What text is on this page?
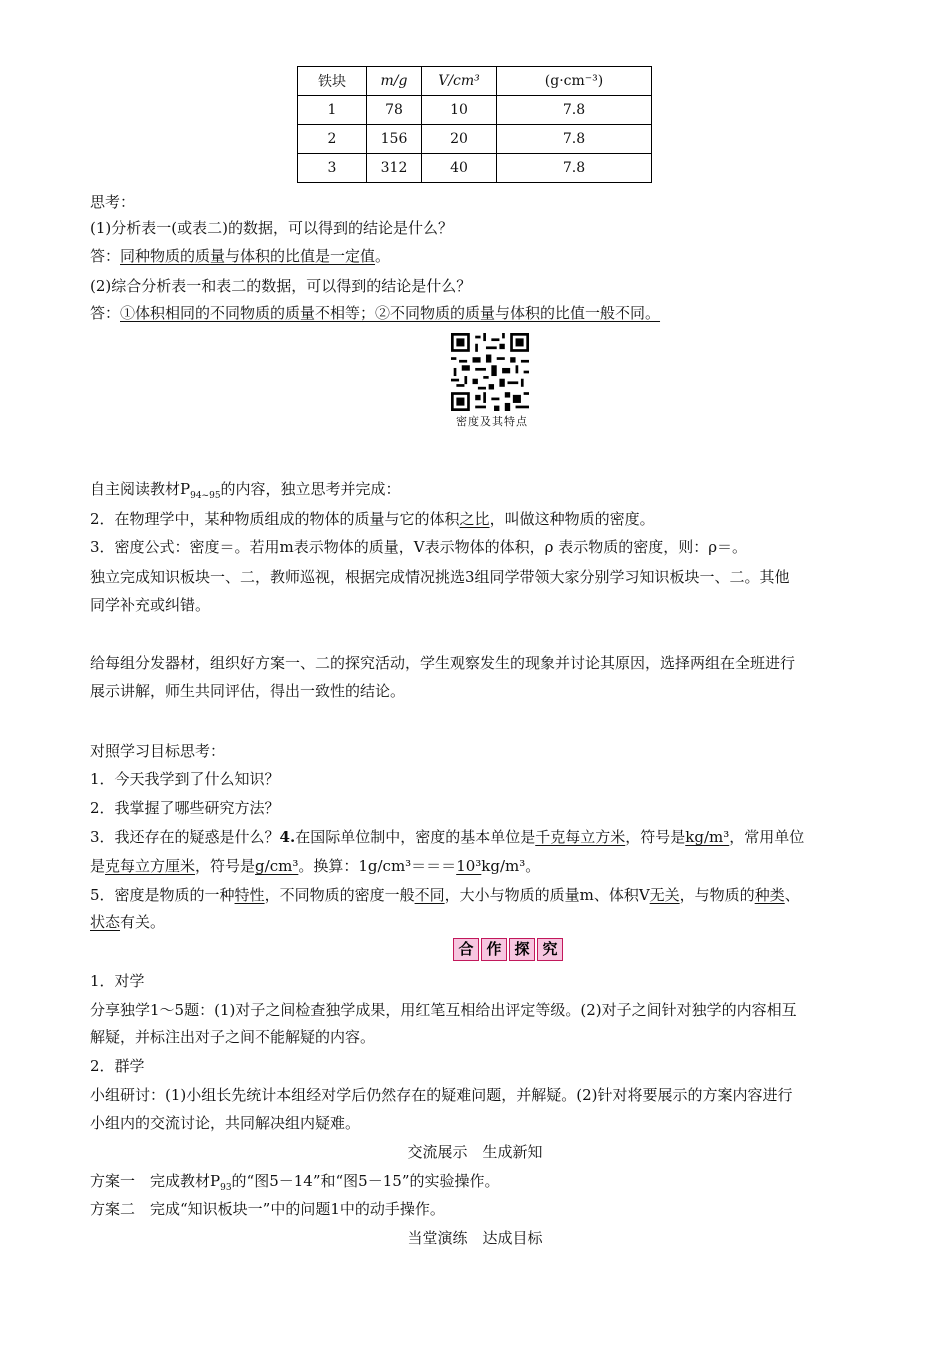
铁块	m/g	V/cm³	(g·cm⁻³)
1	78	10	7.8
2	156	20	7.8
3	312	40	7.8
思考：
(1)分析表一(或表二)的数据，可以得到的结论是什么？
答：同种物质的质量与体积的比值是一定值。
(2)综合分析表一和表二的数据，可以得到的结论是什么？
答：①体积相同的不同物质的质量不相等；②不同物质的质量与体积的比值一般不同。
密度及其特点
自主阅读教材$P_{94\sim 95}$的内容，独立思考并完成：
2．在物理学中，某种物质组成的物体的质量与它的体积之比，叫做这种物质的密度。
3．密度公式：密度＝。若用m表示物体的质量，V表示物体的体积，ρ 表示物质的密度，则：ρ＝。
独立完成知识板块一、二，教师巡视，根据完成情况挑选3组同学带领大家分别学习知识板块一、二。其他
同学补充或纠错。
给每组分发器材，组织好方案一、二的探究活动，学生观察发生的现象并讨论其原因，选择两组在全班进行
展示讲解，师生共同评估，得出一致性的结论。
对照学习目标思考：
1．今天我学到了什么知识？
2．我掌握了哪些研究方法？
3．我还存在的疑惑是什么？4.在国际单位制中，密度的基本单位是千克每立方米，符号是kg/m³，常用单位
是克每立方厘米，符号是g/cm³。换算：1g/cm³＝＝＝10³kg/m³。
5．密度是物质的一种特性，不同物质的密度一般不同，大小与物质的质量m、体积V无关，与物质的种类、
状态有关。
合 作 探 究
1．对学
分享独学1～5题：(1)对子之间检查独学成果，用红笔互相给出评定等级。(2)对子之间针对独学的内容相互
解疑，并标注出对子之间不能解疑的内容。
2．群学
小组研讨：(1)小组长先统计本组经对学后仍然存在的疑难问题，并解疑。(2)针对将要展示的方案内容进行
小组内的交流讨论，共同解决组内疑难。
交流展示　生成新知
方案一　完成教材$P_{93}$的“图5－14”和“图5－15”的实验操作。
方案二　完成“知识板块一”中的问题1中的动手操作。
当堂演练　达成目标
